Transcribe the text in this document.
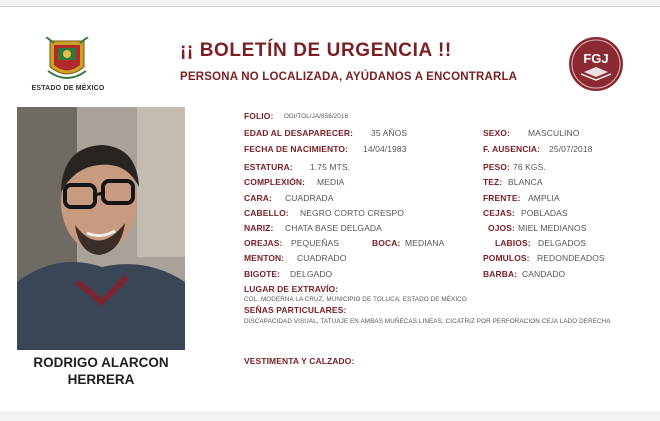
ESTADO DE MÉXICO
¡¡ BOLETÍN DE URGENCIA !!
PERSONA NO LOCALIZADA, AYÚDANOS A ENCONTRARLA
FGJ
RODRIGO ALARCON
HERRERA
FOLIO: ODI/TOL/JA/856/2018
EDAD AL DESAPARECER: 35 AÑOS
FECHA DE NACIMIENTO: 14/04/1983
ESTATURA: 1.75 MTS.
COMPLEXIÓN: MEDIA
CARA: CUADRADA
CABELLO: NEGRO CORTO CRESPO
NARIZ: CHATA BASE DELGADA
OREJAS: PEQUEÑAS	BOCA: MEDIANA
MENTON: CUADRADO
BIGOTE: DELGADO
SEXO: MASCULINO
F. AUSENCIA: 25/07/2018
PESO: 76 KGS.
TEZ: BLANCA
FRENTE: AMPLIA
CEJAS: POBLADAS
OJOS: MIEL MEDIANOS
LABIOS: DELGADOS
POMULOS: REDONDEADOS
BARBA: CANDADO
LUGAR DE EXTRAVÍO:
COL. MODERNA LA CRUZ, MUNICIPIO DE TOLUCA, ESTADO DE MÉXICO
SEÑAS PARTICULARES:
DISCAPACIDAD VISUAL, TATUAJE EN AMBAS MUÑECAS LINEAS, CICATRIZ POR PERFORACION CEJA LADO DERECHA
VESTIMENTA Y CALZADO:
